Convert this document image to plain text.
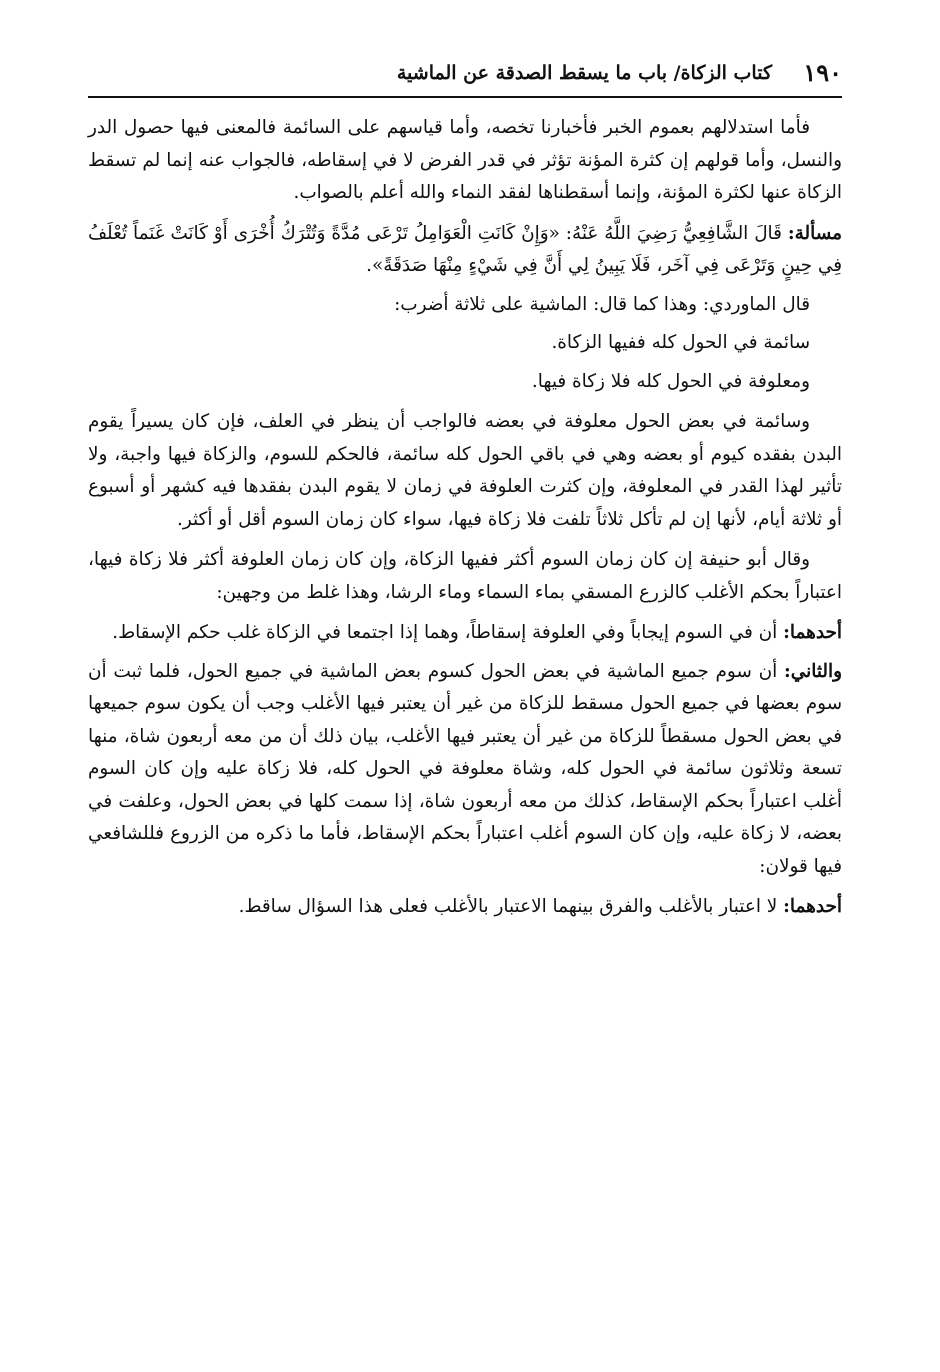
١٩٠
كتاب الزكاة/ باب ما يسقط الصدقة عن الماشية

فأما استدلالهم بعموم الخبر فأخبارنا تخصه، وأما قياسهم على السائمة فالمعنى فيها حصول الدر والنسل، وأما قولهم إن كثرة المؤنة تؤثر في قدر الفرض لا في إسقاطه، فالجواب عنه إنما لم تسقط الزكاة عنها لكثرة المؤنة، وإنما أسقطناها لفقد النماء والله أعلم بالصواب.

مسألة: قَالَ الشَّافِعِيُّ رَضِيَ اللَّهُ عَنْهُ: «وَإِنْ كَانَتِ الْعَوَامِلُ تَرْعَى مُدَّةً وَتُتْرَكُ أُخْرَى أَوْ كَانَتْ غَنَماً تُعْلَفُ فِي حِينٍ وَتَرْعَى فِي آخَر، فَلَا يَبِينُ لِي أَنَّ فِي شَيْءٍ مِنْهَا صَدَقَةً».

قال الماوردي: وهذا كما قال: الماشية على ثلاثة أضرب:

سائمة في الحول كله ففيها الزكاة.

ومعلوفة في الحول كله فلا زكاة فيها.

وسائمة في بعض الحول معلوفة في بعضه فالواجب أن ينظر في العلف، فإن كان يسيراً يقوم البدن بفقده كيوم أو بعضه وهي في باقي الحول كله سائمة، فالحكم للسوم، والزكاة فيها واجبة، ولا تأثير لهذا القدر في المعلوفة، وإن كثرت العلوفة في زمان لا يقوم البدن بفقدها فيه كشهر أو أسبوع أو ثلاثة أيام، لأنها إن لم تأكل ثلاثاً تلفت فلا زكاة فيها، سواء كان زمان السوم أقل أو أكثر.

وقال أبو حنيفة إن كان زمان السوم أكثر ففيها الزكاة، وإن كان زمان العلوفة أكثر فلا زكاة فيها، اعتباراً بحكم الأغلب كالزرع المسقي بماء السماء وماء الرشا، وهذا غلط من وجهين:

أحدهما: أن في السوم إيجاباً وفي العلوفة إسقاطاً، وهما إذا اجتمعا في الزكاة غلب حكم الإسقاط.

والثاني: أن سوم جميع الماشية في بعض الحول كسوم بعض الماشية في جميع الحول، فلما ثبت أن سوم بعضها في جميع الحول مسقط للزكاة من غير أن يعتبر فيها الأغلب وجب أن يكون سوم جميعها في بعض الحول مسقطاً للزكاة من غير أن يعتبر فيها الأغلب، بيان ذلك أن من معه أربعون شاة، منها تسعة وثلاثون سائمة في الحول كله، وشاة معلوفة في الحول كله، فلا زكاة عليه وإن كان السوم أغلب اعتباراً بحكم الإسقاط، كذلك من معه أربعون شاة، إذا سمت كلها في بعض الحول، وعلفت في بعضه، لا زكاة عليه، وإن كان السوم أغلب اعتباراً بحكم الإسقاط، فأما ما ذكره من الزروع فللشافعي فيها قولان:

أحدهما: لا اعتبار بالأغلب والفرق بينهما الاعتبار بالأغلب فعلى هذا السؤال ساقط.
